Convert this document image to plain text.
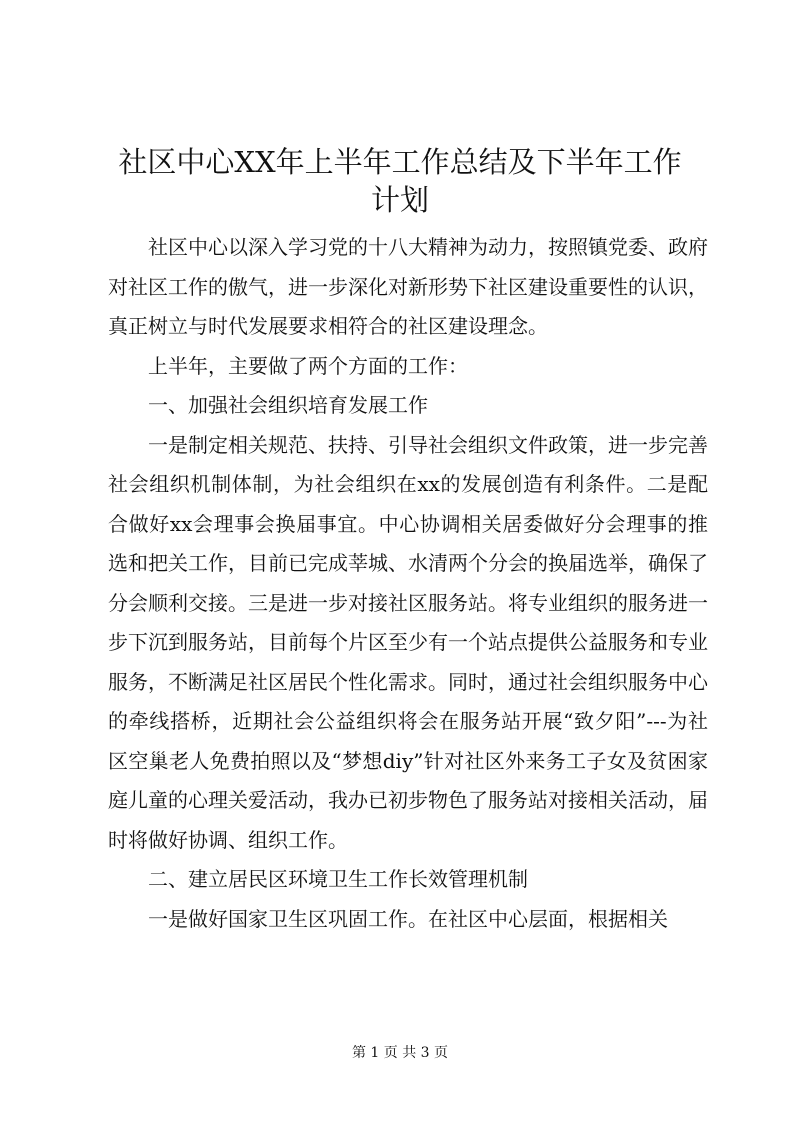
社区中心XX年上半年工作总结及下半年工作
计划

社区中心以深入学习党的十八大精神为动力，按照镇党委、政府对社区工作的傲气，进一步深化对新形势下社区建设重要性的认识，真正树立与时代发展要求相符合的社区建设理念。

上半年，主要做了两个方面的工作：

一、加强社会组织培育发展工作

一是制定相关规范、扶持、引导社会组织文件政策，进一步完善社会组织机制体制，为社会组织在xx的发展创造有利条件。二是配合做好xx会理事会换届事宜。中心协调相关居委做好分会理事的推选和把关工作，目前已完成莘城、水清两个分会的换届选举，确保了分会顺利交接。三是进一步对接社区服务站。将专业组织的服务进一步下沉到服务站，目前每个片区至少有一个站点提供公益服务和专业服务，不断满足社区居民个性化需求。同时，通过社会组织服务中心的牵线搭桥，近期社会公益组织将会在服务站开展“致夕阳”---为社区空巢老人免费拍照以及“梦想diy”针对社区外来务工子女及贫困家庭儿童的心理关爱活动，我办已初步物色了服务站对接相关活动，届时将做好协调、组织工作。

二、建立居民区环境卫生工作长效管理机制

一是做好国家卫生区巩固工作。在社区中心层面，根据相关

第 1 页 共 3 页
